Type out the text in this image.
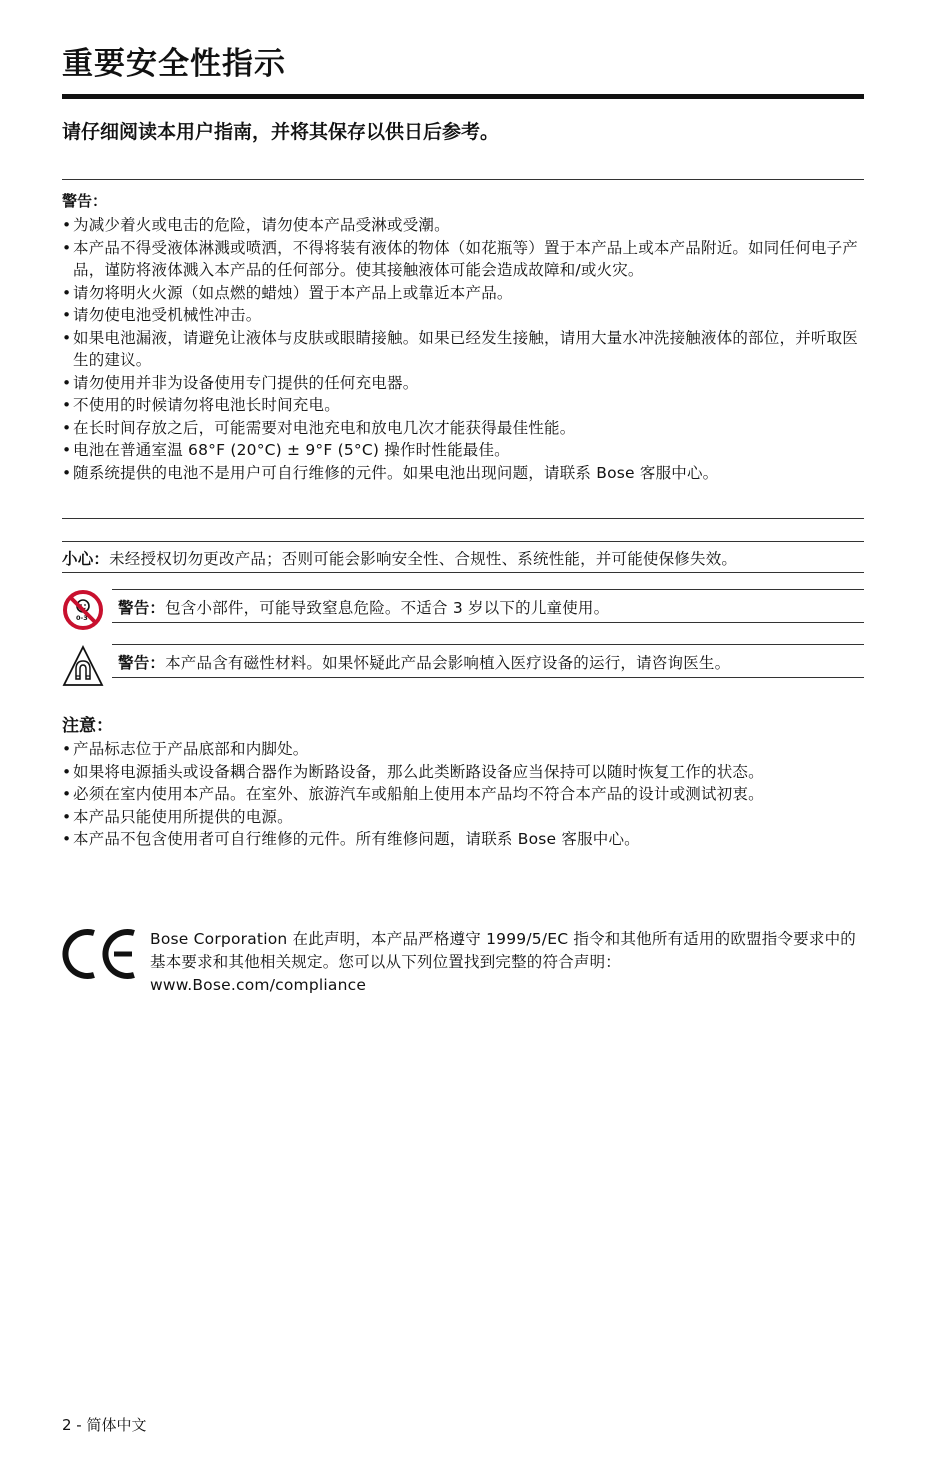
重要安全性指示
请仔细阅读本用户指南，并将其保存以供日后参考。
警告：
• 为减少着火或电击的危险，请勿使本产品受淋或受潮。
• 本产品不得受液体淋溅或喷洒，不得将装有液体的物体（如花瓶等）置于本产品上或本产品附近。如同任何电子产品，谨防将液体溅入本产品的任何部分。使其接触液体可能会造成故障和/或火灾。
• 请勿将明火火源（如点燃的蜡烛）置于本产品上或靠近本产品。
• 请勿使电池受机械性冲击。
• 如果电池漏液，请避免让液体与皮肤或眼睛接触。如果已经发生接触，请用大量水冲洗接触液体的部位，并听取医生的建议。
• 请勿使用并非为设备使用专门提供的任何充电器。
• 不使用的时候请勿将电池长时间充电。
• 在长时间存放之后，可能需要对电池充电和放电几次才能获得最佳性能。
• 电池在普通室温 68°F (20°C) ± 9°F (5°C) 操作时性能最佳。
• 随系统提供的电池不是用户可自行维修的元件。如果电池出现问题，请联系 Bose 客服中心。
小心：未经授权切勿更改产品；否则可能会影响安全性、合规性、系统性能，并可能使保修失效。
0-3
警告：包含小部件，可能导致窒息危险。不适合 3 岁以下的儿童使用。
警告：本产品含有磁性材料。如果怀疑此产品会影响植入医疗设备的运行，请咨询医生。
注意：
• 产品标志位于产品底部和内脚处。
• 如果将电源插头或设备耦合器作为断路设备，那么此类断路设备应当保持可以随时恢复工作的状态。
• 必须在室内使用本产品。在室外、旅游汽车或船舶上使用本产品均不符合本产品的设计或测试初衷。
• 本产品只能使用所提供的电源。
• 本产品不包含使用者可自行维修的元件。所有维修问题，请联系 Bose 客服中心。
Bose Corporation 在此声明，本产品严格遵守 1999/5/EC 指令和其他所有适用的欧盟指令要求中的基本要求和其他相关规定。您可以从下列位置找到完整的符合声明：
www.Bose.com/compliance
2 - 简体中文
